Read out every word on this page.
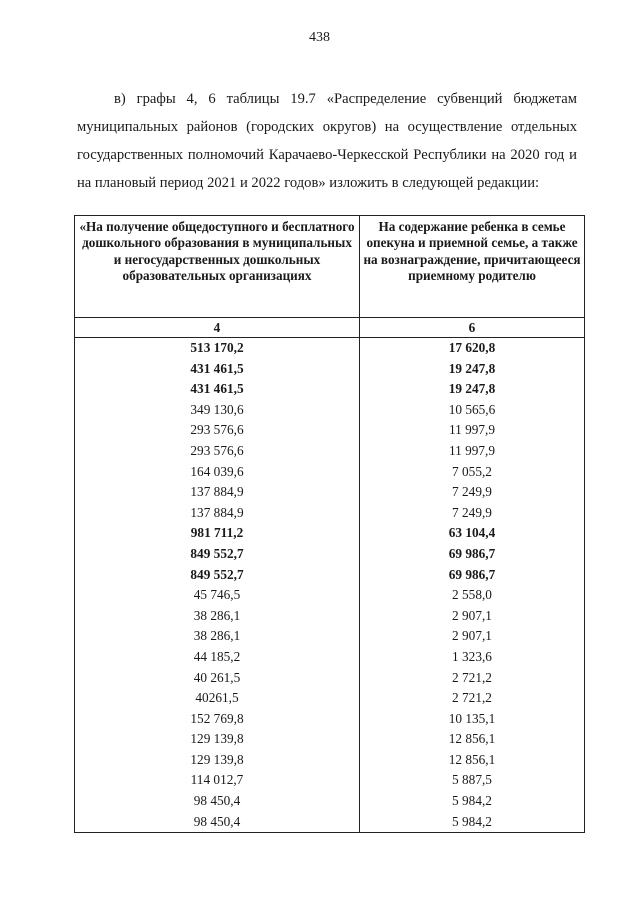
438

в) графы 4, 6 таблицы 19.7 «Распределение субвенций бюджетам муниципальных районов (городских округов) на осуществление отдельных государственных полномочий Карачаево-Черкесской Республики на 2020 год и на плановый период 2021 и 2022 годов» изложить в следующей редакции:

«На получение общедоступного и бесплатного дошкольного образования в муниципальных и негосударственных дошкольных образовательных организациях	На содержание ребенка в семье опекуна и приемной семье, а также на вознаграждение, причитающееся приемному родителю
4	6
513 170,2	17 620,8
431 461,5	19 247,8
431 461,5	19 247,8
349 130,6	10 565,6
293 576,6	11 997,9
293 576,6	11 997,9
164 039,6	7 055,2
137 884,9	7 249,9
137 884,9	7 249,9
981 711,2	63 104,4
849 552,7	69 986,7
849 552,7	69 986,7
45 746,5	2 558,0
38 286,1	2 907,1
38 286,1	2 907,1
44 185,2	1 323,6
40 261,5	2 721,2
40261,5	2 721,2
152 769,8	10 135,1
129 139,8	12 856,1
129 139,8	12 856,1
114 012,7	5 887,5
98 450,4	5 984,2
98 450,4	5 984,2
